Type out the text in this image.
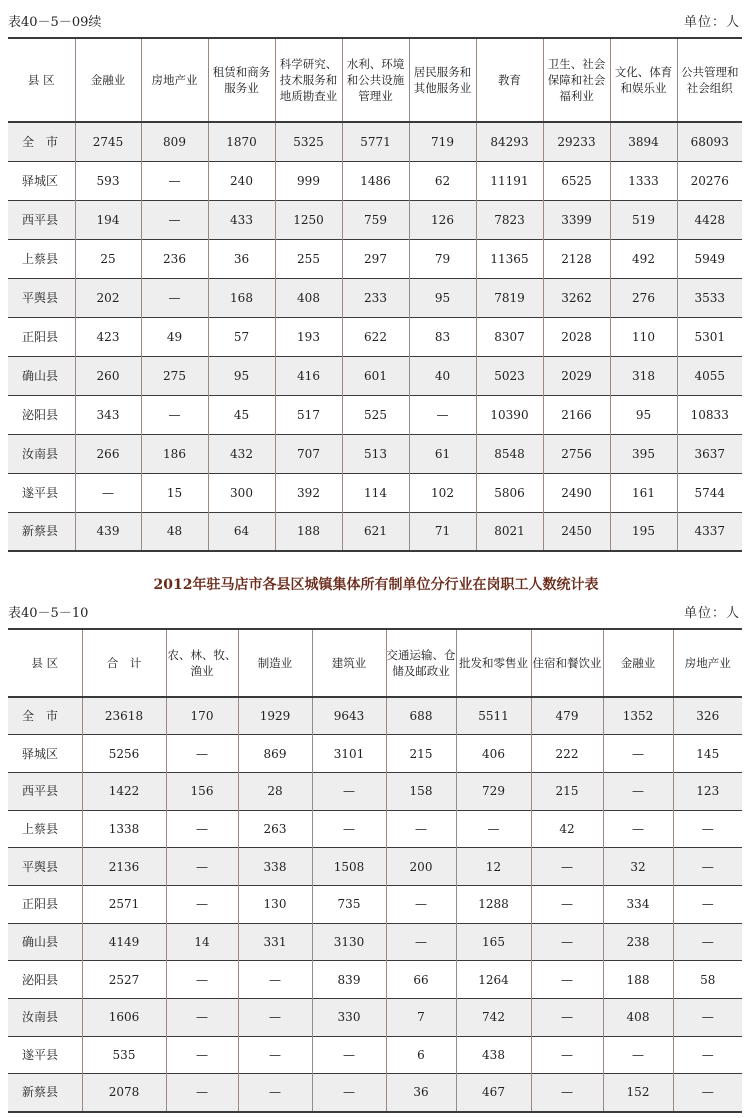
表40－5－09续	单位：人
县 区	金融业	房地产业	租赁和商务服务业	科学研究、技术服务和地质勘查业	水利、环境和公共设施管理业	居民服务和其他服务业	教育	卫生、社会保障和社会福利业	文化、体育和娱乐业	公共管理和社会组织
全　市	2745	809	1870	5325	5771	719	84293	29233	3894	68093
驿城区	593	—	240	999	1486	62	11191	6525	1333	20276
西平县	194	—	433	1250	759	126	7823	3399	519	4428
上蔡县	25	236	36	255	297	79	11365	2128	492	5949
平舆县	202	—	168	408	233	95	7819	3262	276	3533
正阳县	423	49	57	193	622	83	8307	2028	110	5301
确山县	260	275	95	416	601	40	5023	2029	318	4055
泌阳县	343	—	45	517	525	—	10390	2166	95	10833
汝南县	266	186	432	707	513	61	8548	2756	395	3637
遂平县	—	15	300	392	114	102	5806	2490	161	5744
新蔡县	439	48	64	188	621	71	8021	2450	195	4337
2012年驻马店市各县区城镇集体所有制单位分行业在岗职工人数统计表
表40－5－10	单位：人
县 区	合　计	农、林、牧、渔业	制造业	建筑业	交通运输、仓储及邮政业	批发和零售业	住宿和餐饮业	金融业	房地产业
全　市	23618	170	1929	9643	688	5511	479	1352	326
驿城区	5256	—	869	3101	215	406	222	—	145
西平县	1422	156	28	—	158	729	215	—	123
上蔡县	1338	—	263	—	—	—	42	—	—
平舆县	2136	—	338	1508	200	12	—	32	—
正阳县	2571	—	130	735	—	1288	—	334	—
确山县	4149	14	331	3130	—	165	—	238	—
泌阳县	2527	—	—	839	66	1264	—	188	58
汝南县	1606	—	—	330	7	742	—	408	—
遂平县	535	—	—	—	6	438	—	—	—
新蔡县	2078	—	—	—	36	467	—	152	—
